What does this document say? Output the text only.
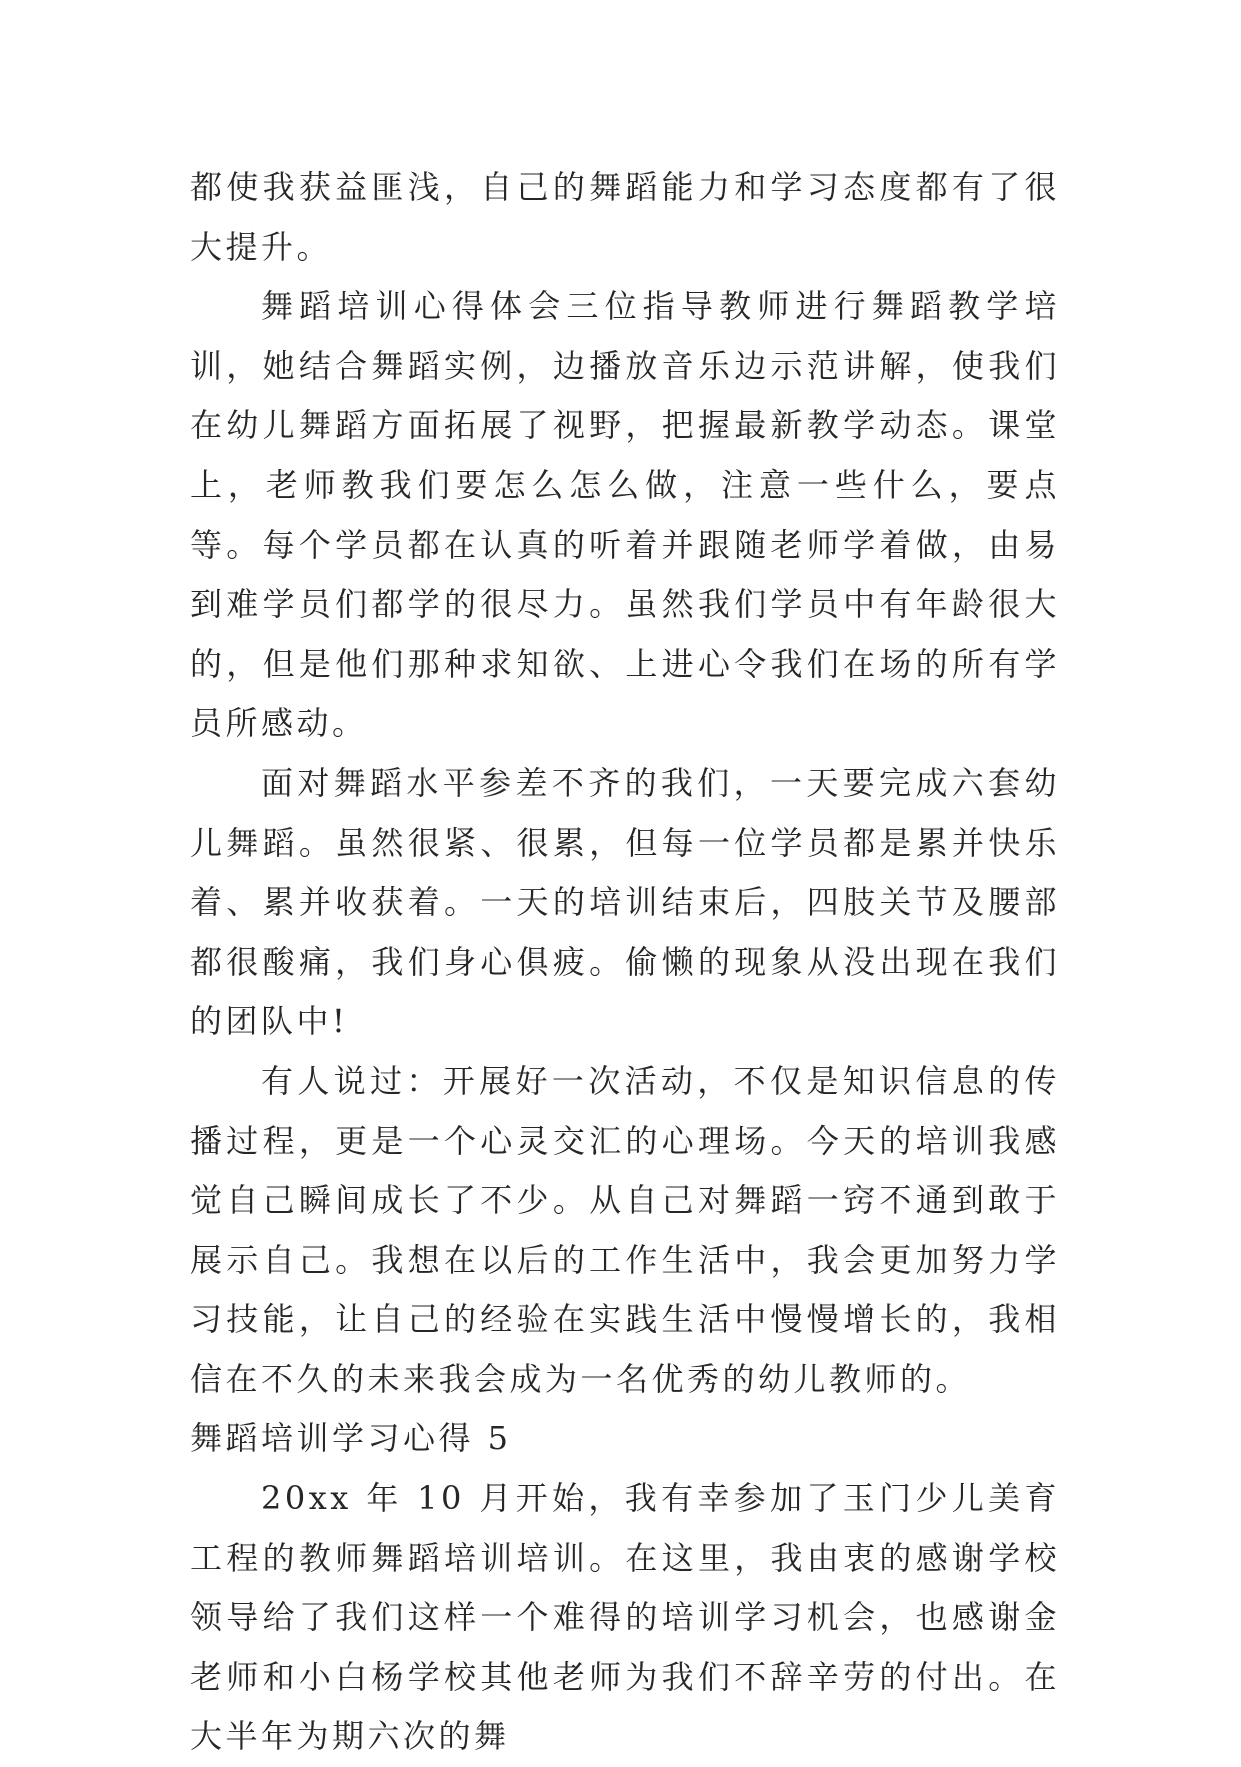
都使我获益匪浅，自己的舞蹈能力和学习态度都有了很大提升。

舞蹈培训心得体会三位指导教师进行舞蹈教学培训，她结合舞蹈实例，边播放音乐边示范讲解，使我们在幼儿舞蹈方面拓展了视野，把握最新教学动态。课堂上，老师教我们要怎么怎么做，注意一些什么，要点等。每个学员都在认真的听着并跟随老师学着做，由易到难学员们都学的很尽力。虽然我们学员中有年龄很大的，但是他们那种求知欲、上进心令我们在场的所有学员所感动。

面对舞蹈水平参差不齐的我们，一天要完成六套幼儿舞蹈。虽然很紧、很累，但每一位学员都是累并快乐着、累并收获着。一天的培训结束后，四肢关节及腰部都很酸痛，我们身心俱疲。偷懒的现象从没出现在我们的团队中!

有人说过：开展好一次活动，不仅是知识信息的传播过程，更是一个心灵交汇的心理场。今天的培训我感觉自己瞬间成长了不少。从自己对舞蹈一窍不通到敢于展示自己。我想在以后的工作生活中，我会更加努力学习技能，让自己的经验在实践生活中慢慢增长的，我相信在不久的未来我会成为一名优秀的幼儿教师的。

舞蹈培训学习心得 5

20xx 年 10 月开始，我有幸参加了玉门少儿美育工程的教师舞蹈培训培训。在这里，我由衷的感谢学校领导给了我们这样一个难得的培训学习机会，也感谢金老师和小白杨学校其他老师为我们不辞辛劳的付出。在大半年为期六次的舞
